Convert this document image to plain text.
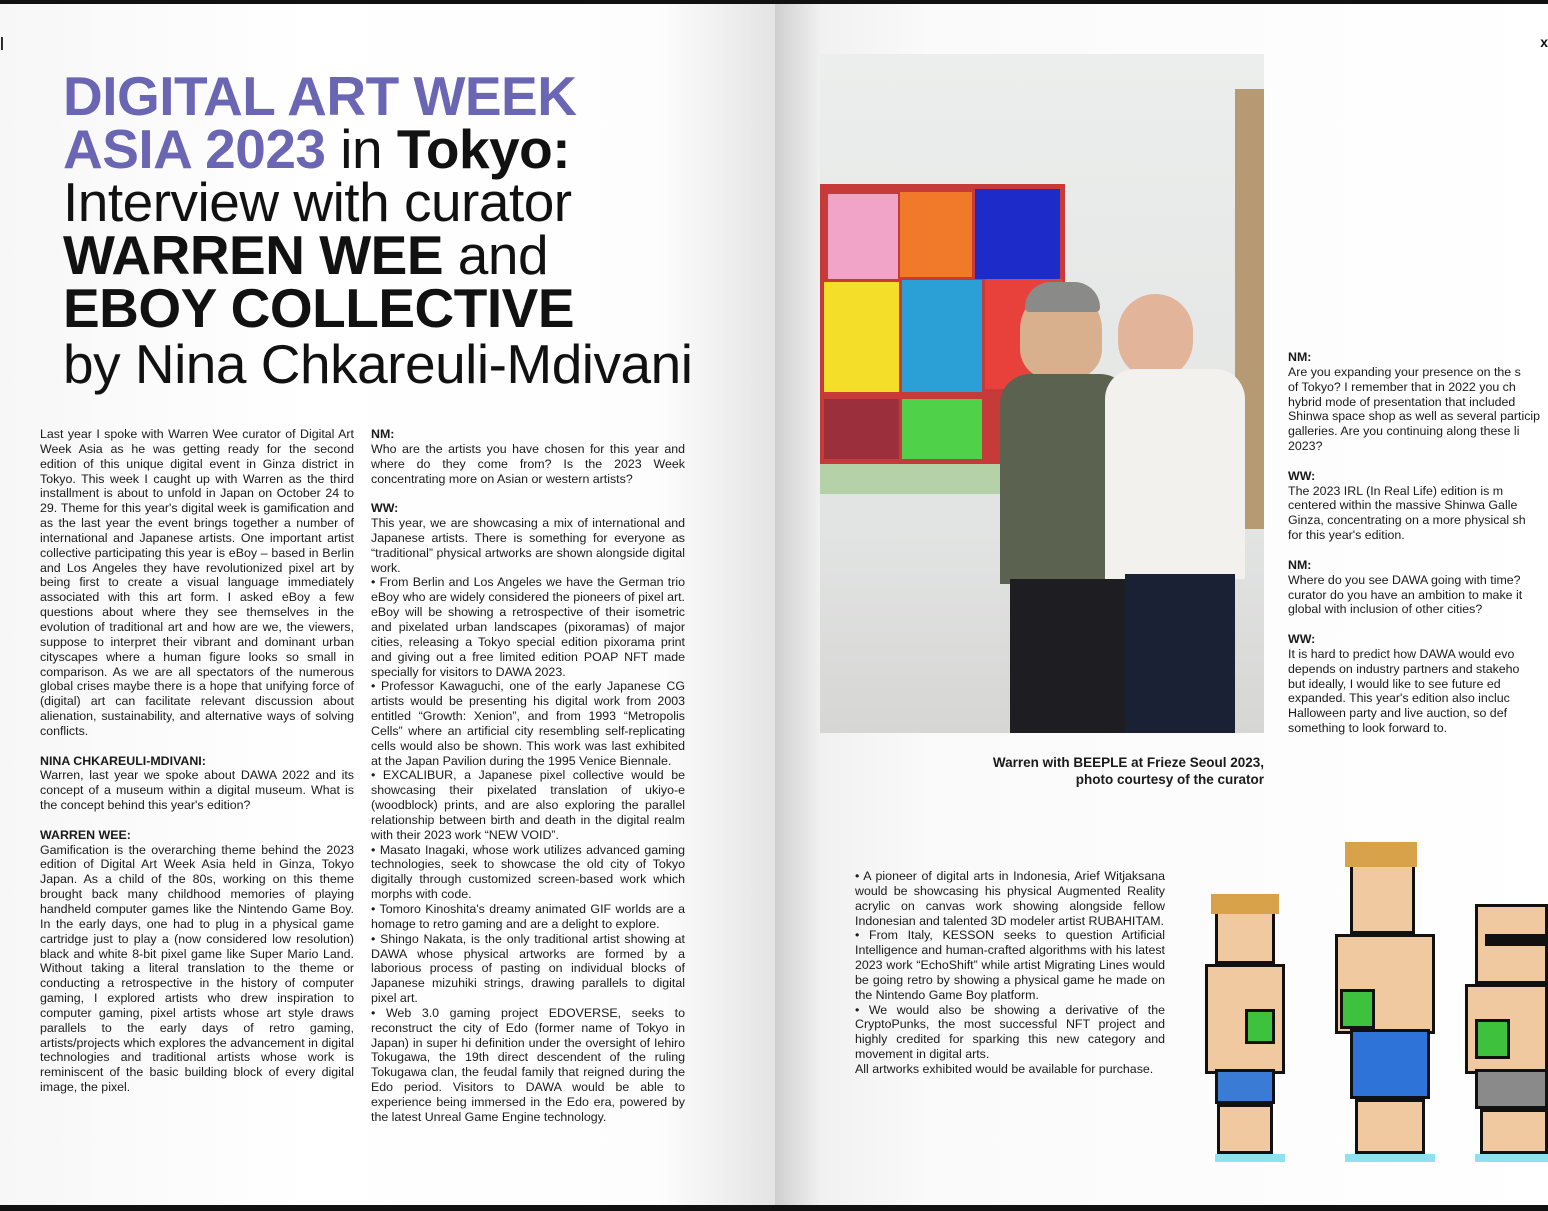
|
DIGITAL ART WEEK
ASIA 2023 in Tokyo:
Interview with curator
WARREN WEE and
EBOY COLLECTIVE
by Nina Chkareuli-Mdivani

Last year I spoke with Warren Wee curator of Digital Art Week Asia as he was getting ready for the second edition of this unique digital event in Ginza district in Tokyo. This week I caught up with Warren as the third installment is about to unfold in Japan on October 24 to 29. Theme for this year's digital week is gamification and as the last year the event brings together a number of international and Japanese artists. One important artist collective participating this year is eBoy – based in Berlin and Los Angeles they have revolutionized pixel art by being first to create a visual language immediately associated with this art form. I asked eBoy a few questions about where they see themselves in the evolution of traditional art and how are we, the viewers, suppose to interpret their vibrant and dominant urban cityscapes where a human figure looks so small in comparison. As we are all spectators of the numerous global crises maybe there is a hope that unifying force of (digital) art can facilitate relevant discussion about alienation, sustainability, and alternative ways of solving conflicts.

NINA CHKAREULI-MDIVANI:

Warren, last year we spoke about DAWA 2022 and its concept of a museum within a digital museum. What is the concept behind this year's edition?

WARREN WEE:

Gamification is the overarching theme behind the 2023 edition of Digital Art Week Asia held in Ginza, Tokyo Japan. As a child of the 80s, working on this theme brought back many childhood memories of playing handheld computer games like the Nintendo Game Boy. In the early days, one had to plug in a physical game cartridge just to play a (now considered low resolution) black and white 8-bit pixel game like Super Mario Land. Without taking a literal translation to the theme or conducting a retrospective in the history of computer gaming, I explored artists who drew inspiration to computer gaming, pixel artists whose art style draws parallels to the early days of retro gaming, artists/projects which explores the advancement in digital technologies and traditional artists whose work is reminiscent of the basic building block of every digital image, the pixel.

NM:

Who are the artists you have chosen for this year and where do they come from? Is the 2023 Week concentrating more on Asian or western artists?

WW:

This year, we are showcasing a mix of international and Japanese artists. There is something for everyone as “traditional” physical artworks are shown alongside digital work.

• From Berlin and Los Angeles we have the German trio eBoy who are widely considered the pioneers of pixel art. eBoy will be showing a retrospective of their isometric and pixelated urban landscapes (pixoramas) of major cities, releasing a Tokyo special edition pixorama print and giving out a free limited edition POAP NFT made specially for visitors to DAWA 2023.

• Professor Kawaguchi, one of the early Japanese CG artists would be presenting his digital work from 2003 entitled “Growth: Xenion”, and from 1993 “Metropolis Cells” where an artificial city resembling self-replicating cells would also be shown. This work was last exhibited at the Japan Pavilion during the 1995 Venice Biennale.

• EXCALIBUR, a Japanese pixel collective would be showcasing their pixelated translation of ukiyo-e (woodblock) prints, and are also exploring the parallel relationship between birth and death in the digital realm with their 2023 work “NEW VOID”.

• Masato Inagaki, whose work utilizes advanced gaming technologies, seek to showcase the old city of Tokyo digitally through customized screen-based work which morphs with code.

• Tomoro Kinoshita's dreamy animated GIF worlds are a homage to retro gaming and are a delight to explore.

• Shingo Nakata, is the only traditional artist showing at DAWA whose physical artworks are formed by a laborious process of pasting on individual blocks of Japanese mizuhiki strings, drawing parallels to digital pixel art.

• Web 3.0 gaming project EDOVERSE, seeks to reconstruct the city of Edo (former name of Tokyo in Japan) in super hi definition under the oversight of Iehiro Tokugawa, the 19th direct descendent of the ruling Tokugawa clan, the feudal family that reigned during the Edo period. Visitors to DAWA would be able to experience being immersed in the Edo era, powered by the latest Unreal Game Engine technology.

x
Warren with BEEPLE at Frieze Seoul 2023,
photo courtesy of the curator
NM:
Are you expanding your presence on the s
of Tokyo? I remember that in 2022 you ch
hybrid mode of presentation that included
Shinwa space shop as well as several particip
galleries. Are you continuing along these li
2023?

WW:
The 2023 IRL (In Real Life) edition is m
centered within the massive Shinwa Galle
Ginza, concentrating on a more physical sh
for this year's edition.

NM:
Where do you see DAWA going with time?
curator do you have an ambition to make it
global with inclusion of other cities?

WW:
It is hard to predict how DAWA would evo
depends on industry partners and stakeho
but ideally, I would like to see future ed
expanded. This year's edition also incluc
Halloween party and live auction, so def
something to look forward to.

• A pioneer of digital arts in Indonesia, Arief Witjaksana would be showcasing his physical Augmented Reality acrylic on canvas work showing alongside fellow Indonesian and talented 3D modeler artist RUBAHITAM.

• From Italy, KESSON seeks to question Artificial Intelligence and human-crafted algorithms with his latest 2023 work “EchoShift” while artist Migrating Lines would be going retro by showing a physical game he made on the Nintendo Game Boy platform.

• We would also be showing a derivative of the CryptoPunks, the most successful NFT project and highly credited for sparking this new category and movement in digital arts.

All artworks exhibited would be available for purchase.
